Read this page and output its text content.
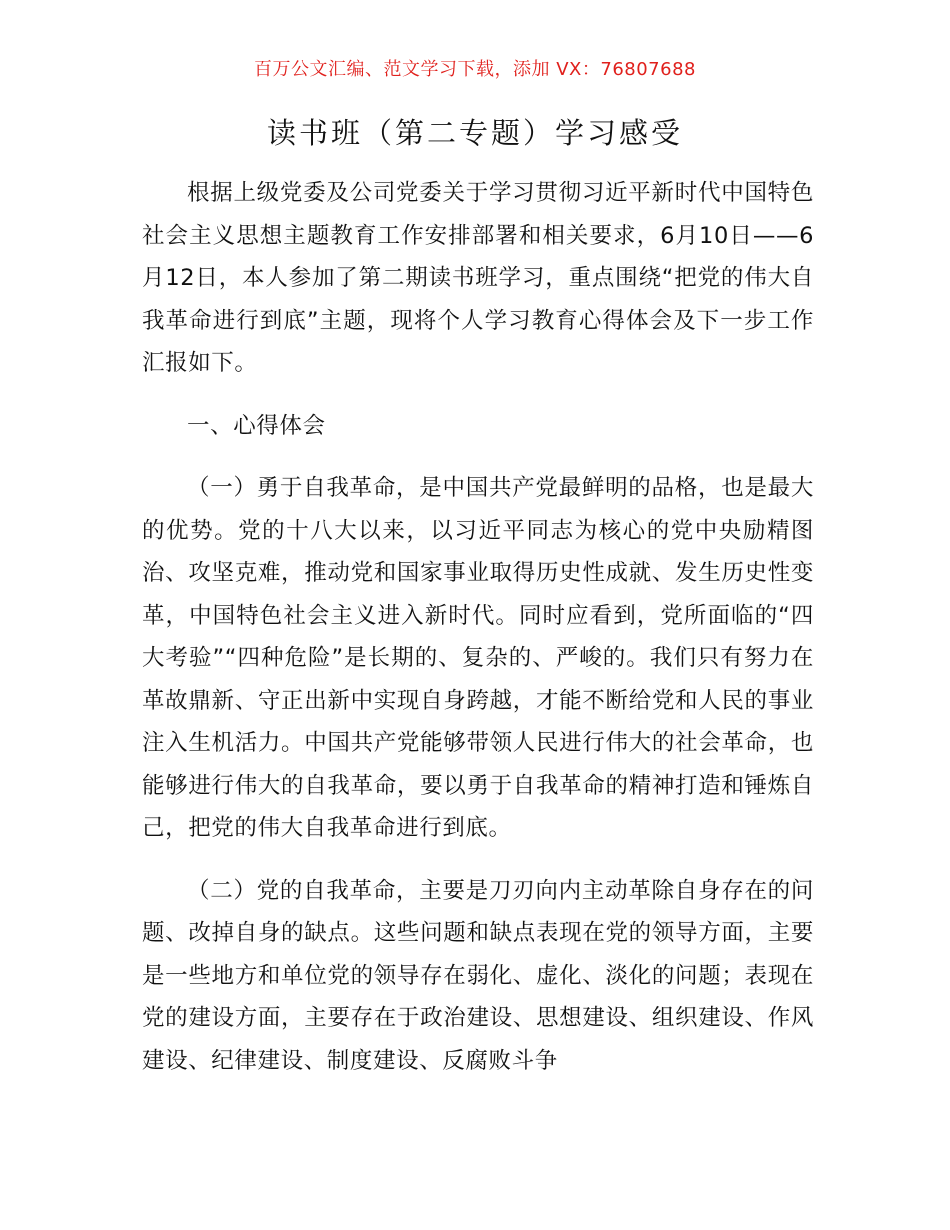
百万公文汇编、范文学习下载，添加 VX：76807688
读书班（第二专题）学习感受

根据上级党委及公司党委关于学习贯彻习近平新时代中国特色社会主义思想主题教育工作安排部署和相关要求，6月10日——6月12日，本人参加了第二期读书班学习，重点围绕“把党的伟大自我革命进行到底”主题，现将个人学习教育心得体会及下一步工作汇报如下。

一、心得体会

（一）勇于自我革命，是中国共产党最鲜明的品格，也是最大的优势。党的十八大以来，以习近平同志为核心的党中央励精图治、攻坚克难，推动党和国家事业取得历史性成就、发生历史性变革，中国特色社会主义进入新时代。同时应看到，党所面临的“四大考验”“四种危险”是长期的、复杂的、严峻的。我们只有努力在革故鼎新、守正出新中实现自身跨越，才能不断给党和人民的事业注入生机活力。中国共产党能够带领人民进行伟大的社会革命，也能够进行伟大的自我革命，要以勇于自我革命的精神打造和锤炼自己，把党的伟大自我革命进行到底。

（二）党的自我革命，主要是刀刃向内主动革除自身存在的问题、改掉自身的缺点。这些问题和缺点表现在党的领导方面，主要是一些地方和单位党的领导存在弱化、虚化、淡化的问题；表现在党的建设方面，主要存在于政治建设、思想建设、组织建设、作风建设、纪律建设、制度建设、反腐败斗争
